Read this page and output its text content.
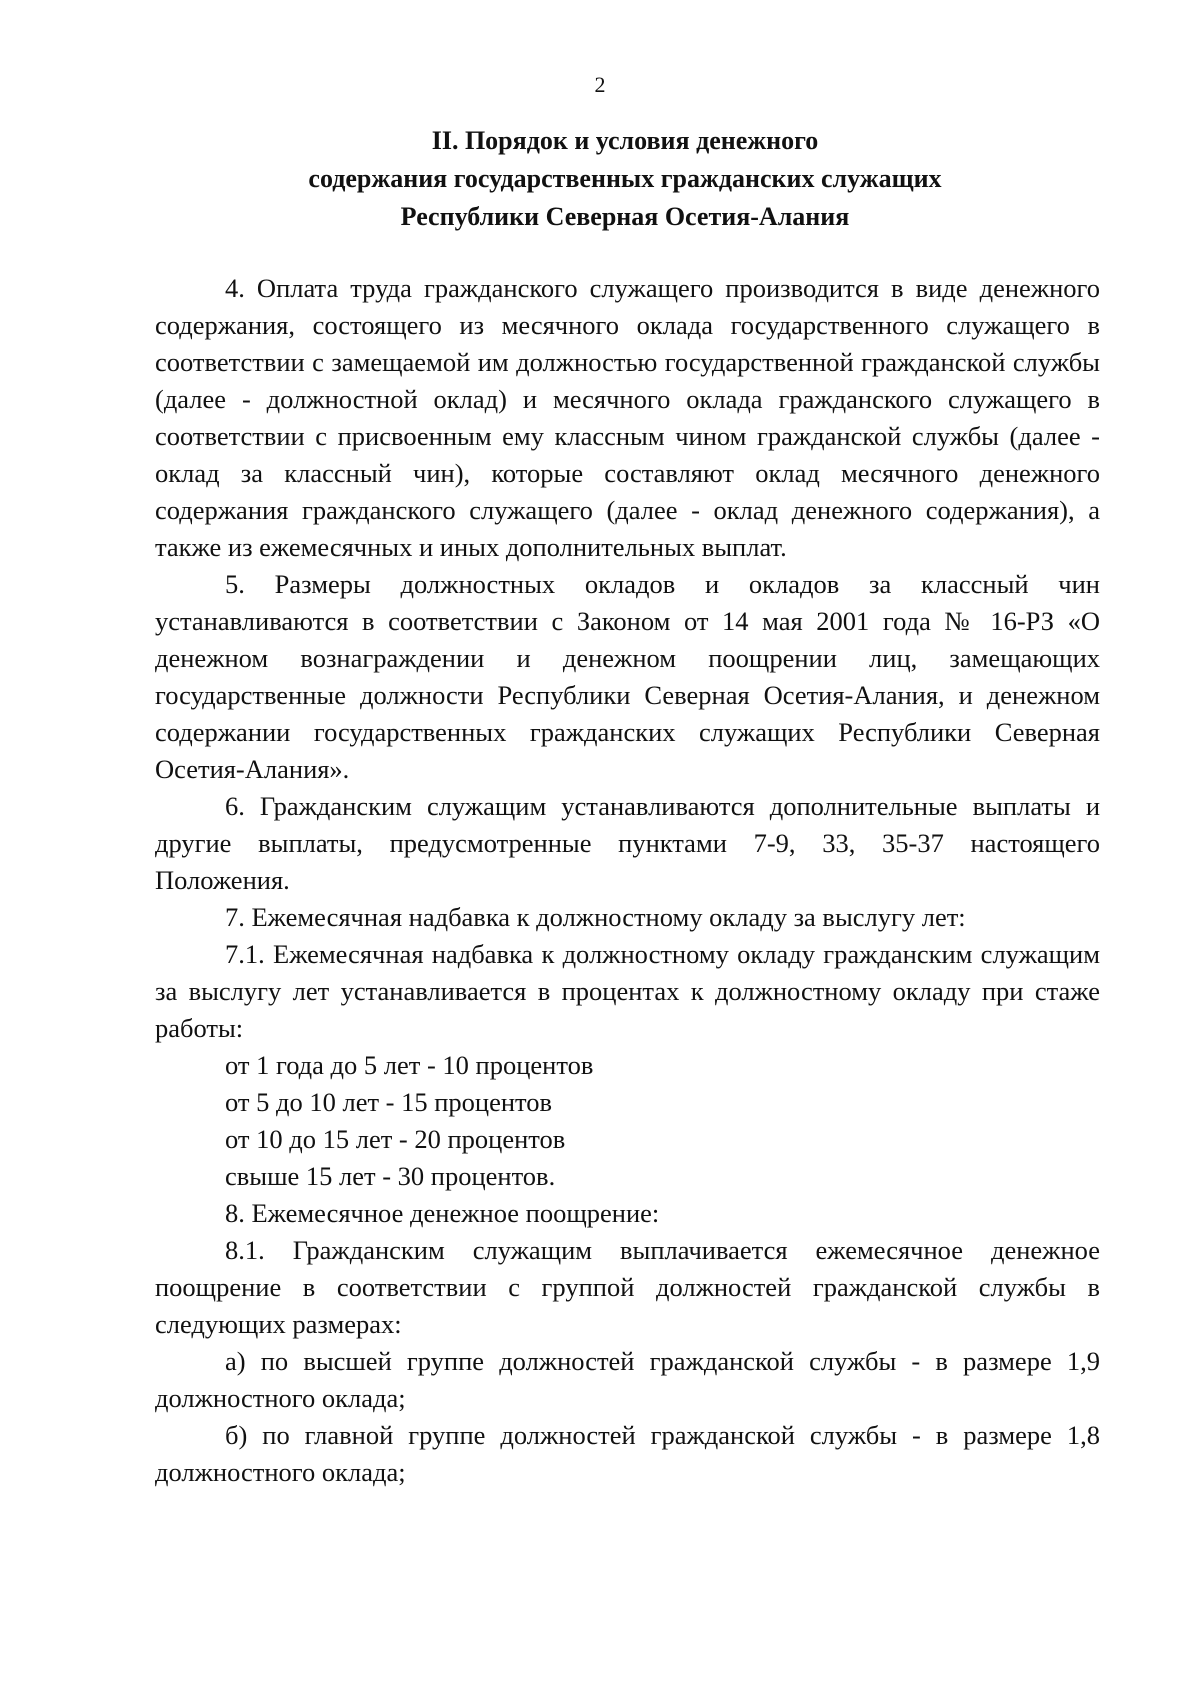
2
II. Порядок и условия денежного
содержания государственных гражданских служащих
Республики Северная Осетия-Алания

4. Оплата труда гражданского служащего производится в виде денежного содержания, состоящего из месячного оклада государственного служащего в соответствии с замещаемой им должностью государственной гражданской службы (далее - должностной оклад) и месячного оклада гражданского служащего в соответствии с присвоенным ему классным чином гражданской службы (далее - оклад за классный чин), которые составляют оклад месячного денежного содержания гражданского служащего (далее - оклад денежного содержания), а также из ежемесячных и иных дополнительных выплат.

5. Размеры должностных окладов и окладов за классный чин устанавливаются в соответствии с Законом от 14 мая 2001 года № 16-РЗ «О денежном вознаграждении и денежном поощрении лиц, замещающих государственные должности Республики Северная Осетия-Алания, и денежном содержании государственных гражданских служащих Республики Северная Осетия-Алания».

6. Гражданским служащим устанавливаются дополнительные выплаты и другие выплаты, предусмотренные пунктами 7-9, 33, 35-37 настоящего Положения.

7. Ежемесячная надбавка к должностному окладу за выслугу лет:

7.1. Ежемесячная надбавка к должностному окладу гражданским служащим за выслугу лет устанавливается в процентах к должностному окладу при стаже работы:

от 1 года до 5 лет - 10 процентов

от 5 до 10 лет - 15 процентов

от 10 до 15 лет - 20 процентов

свыше 15 лет - 30 процентов.

8. Ежемесячное денежное поощрение:

8.1. Гражданским служащим выплачивается ежемесячное денежное поощрение в соответствии с группой должностей гражданской службы в следующих размерах:

а) по высшей группе должностей гражданской службы - в размере 1,9 должностного оклада;

б) по главной группе должностей гражданской службы - в размере 1,8 должностного оклада;
